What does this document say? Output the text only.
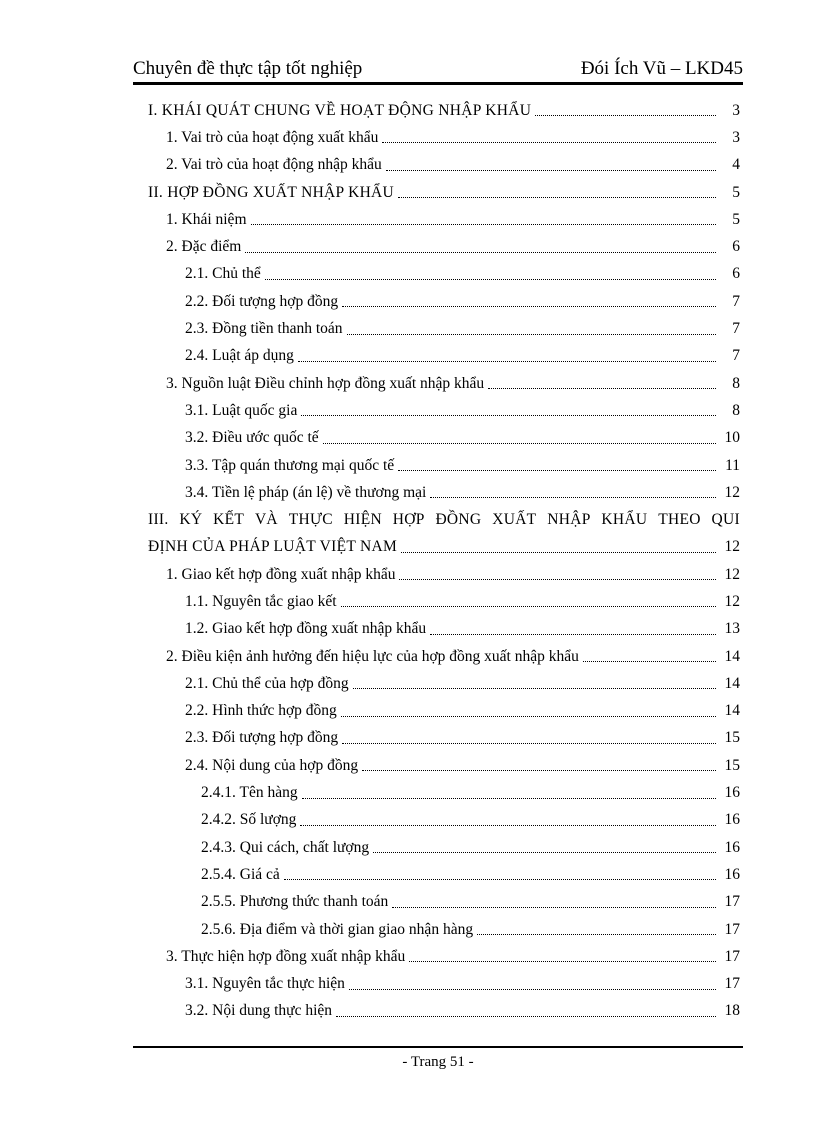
Chuyên đề thực tập tốt nghiệp	Đói Ích Vũ – LKD45
I. KHÁI QUÁT CHUNG VỀ HOẠT ĐỘNG NHẬP KHẨU	3
1. Vai trò của hoạt động xuất khẩu	3
2. Vai trò của hoạt động nhập khẩu	4
II. HỢP ĐỒNG XUẤT NHẬP KHẨU	5
1. Khái niệm	5
2. Đặc điểm	6
2.1. Chủ thể	6
2.2. Đối tượng hợp đồng	7
2.3. Đồng tiền thanh toán	7
2.4. Luật áp dụng	7
3. Nguồn luật Điều chỉnh hợp đồng xuất nhập khẩu	8
3.1. Luật quốc gia	8
3.2. Điều ước quốc tế	10
3.3. Tập quán thương mại quốc tế	11
3.4. Tiền lệ pháp (án lệ) về thương mại	12
III. KÝ KẾT VÀ THỰC HIỆN HỢP ĐỒNG XUẤT NHẬP KHẨU THEO QUI
ĐỊNH CỦA PHÁP LUẬT VIỆT NAM	12
1. Giao kết hợp đồng xuất nhập khẩu	12
1.1. Nguyên tắc giao kết	12
1.2. Giao kết hợp đồng xuất nhập khẩu	13
2. Điều kiện ảnh hưởng đến hiệu lực của hợp đồng xuất nhập khẩu	14
2.1. Chủ thể của hợp đồng	14
2.2. Hình thức hợp đồng	14
2.3. Đối tượng hợp đồng	15
2.4. Nội dung của hợp đồng	15
2.4.1. Tên hàng	16
2.4.2. Số lượng	16
2.4.3. Qui cách, chất lượng	16
2.5.4. Giá cả	16
2.5.5. Phương thức thanh toán	17
2.5.6. Địa điểm và thời gian giao nhận hàng	17
3. Thực hiện hợp đồng xuất nhập khẩu	17
3.1. Nguyên tắc thực hiện	17
3.2. Nội dung thực hiện	18
- Trang 51 -
